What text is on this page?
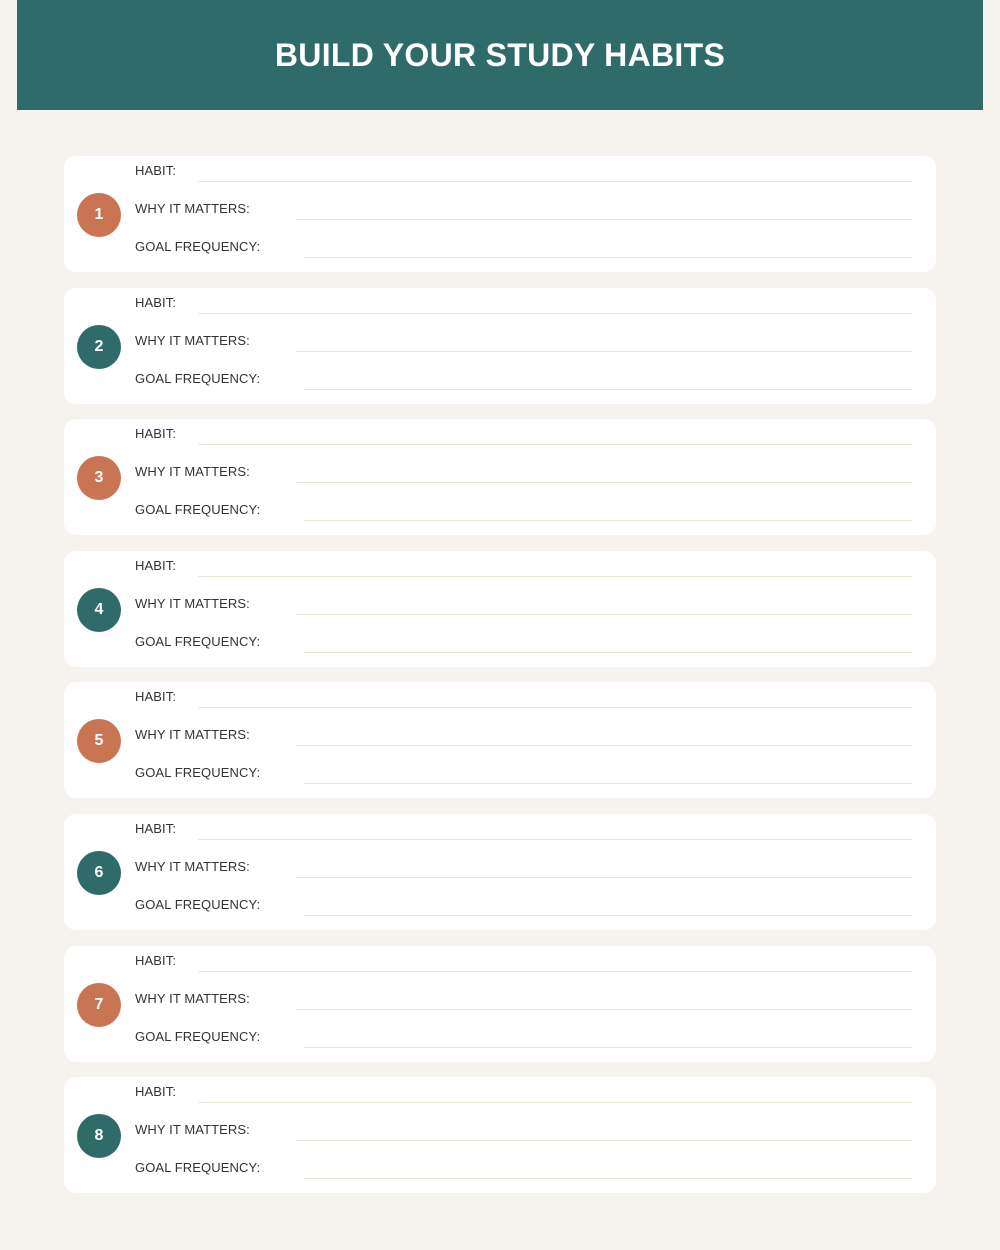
BUILD YOUR STUDY HABITS
1
HABIT:
WHY IT MATTERS:
GOAL FREQUENCY:
2
HABIT:
WHY IT MATTERS:
GOAL FREQUENCY:
3
HABIT:
WHY IT MATTERS:
GOAL FREQUENCY:
4
HABIT:
WHY IT MATTERS:
GOAL FREQUENCY:
5
HABIT:
WHY IT MATTERS:
GOAL FREQUENCY:
6
HABIT:
WHY IT MATTERS:
GOAL FREQUENCY:
7
HABIT:
WHY IT MATTERS:
GOAL FREQUENCY:
8
HABIT:
WHY IT MATTERS:
GOAL FREQUENCY:
